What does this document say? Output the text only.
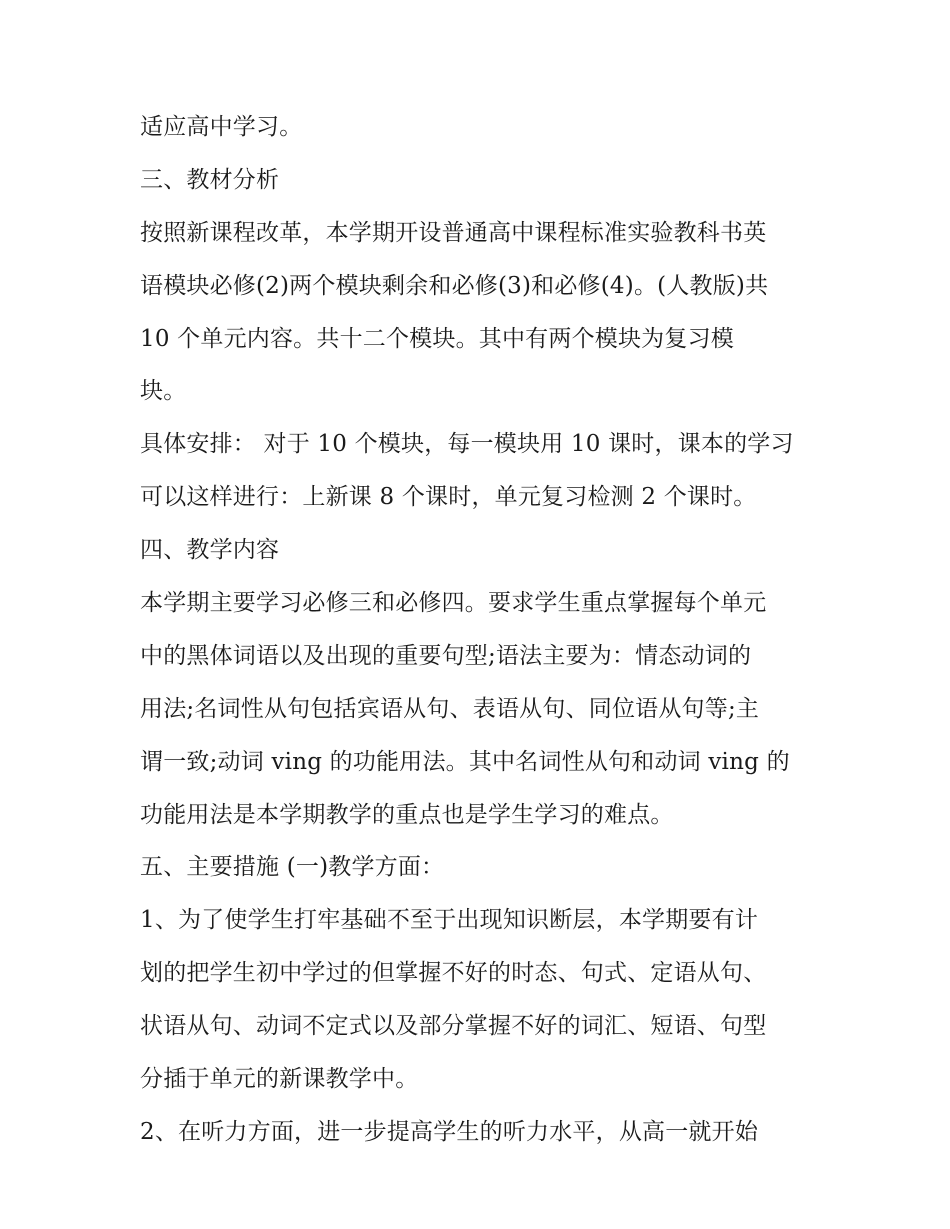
适应高中学习。
三、教材分析
按照新课程改革，本学期开设普通高中课程标准实验教科书英
语模块必修(2)两个模块剩余和必修(3)和必修(4)。(人教版)共
10 个单元内容。共十二个模块。其中有两个模块为复习模
块。
具体安排： 对于 10 个模块，每一模块用 10 课时，课本的学习
可以这样进行：上新课 8 个课时，单元复习检测 2 个课时。
四、教学内容
本学期主要学习必修三和必修四。要求学生重点掌握每个单元
中的黑体词语以及出现的重要句型;语法主要为：情态动词的
用法;名词性从句包括宾语从句、表语从句、同位语从句等;主
谓一致;动词 ving 的功能用法。其中名词性从句和动词 ving 的
功能用法是本学期教学的重点也是学生学习的难点。
五、主要措施 (一)教学方面：
1、为了使学生打牢基础不至于出现知识断层，本学期要有计
划的把学生初中学过的但掌握不好的时态、句式、定语从句、
状语从句、动词不定式以及部分掌握不好的词汇、短语、句型
分插于单元的新课教学中。
2、在听力方面，进一步提高学生的听力水平，从高一就开始
